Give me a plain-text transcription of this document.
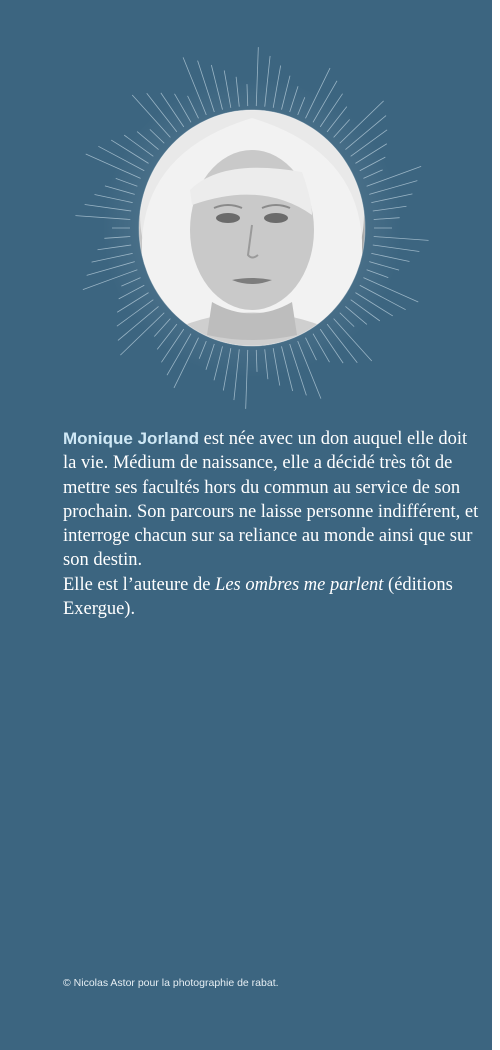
Monique Jorland est née avec un don auquel elle doit la vie. Médium de naissance, elle a décidé très tôt de mettre ses facultés hors du commun au service de son prochain. Son parcours ne laisse personne indifférent, et interroge chacun sur sa reliance au monde ainsi que sur son destin.

Elle est l’auteure de Les ombres me parlent (éditions Exergue).

© Nicolas Astor pour la photographie de rabat.
